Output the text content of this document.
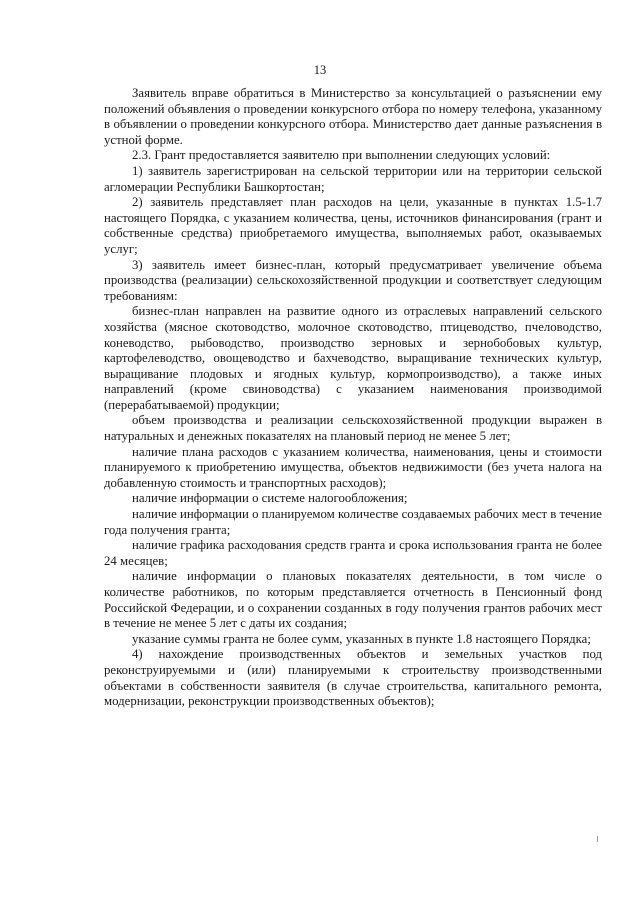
13

Заявитель вправе обратиться в Министерство за консультацией о разъяснении ему положений объявления о проведении конкурсного отбора по номеру телефона, указанному в объявлении о проведении конкурсного отбора. Министерство дает данные разъяснения в устной форме.

2.3. Грант предоставляется заявителю при выполнении следующих условий:

1) заявитель зарегистрирован на сельской территории или на территории сельской агломерации Республики Башкортостан;

2) заявитель представляет план расходов на цели, указанные в пунктах 1.5-1.7 настоящего Порядка, с указанием количества, цены, источников финансирования (грант и собственные средства) приобретаемого имущества, выполняемых работ, оказываемых услуг;

3) заявитель имеет бизнес-план, который предусматривает увеличение объема производства (реализации) сельскохозяйственной продукции и соответствует следующим требованиям:

бизнес-план направлен на развитие одного из отраслевых направлений сельского хозяйства (мясное скотоводство, молочное скотоводство, птицеводство, пчеловодство, коневодство, рыбоводство, производство зерновых и зернобобовых культур, картофелеводство, овощеводство и бахчеводство, выращивание технических культур, выращивание плодовых и ягодных культур, кормопроизводство), а также иных направлений (кроме свиноводства) с указанием наименования производимой (перерабатываемой) продукции;

объем производства и реализации сельскохозяйственной продукции выражен в натуральных и денежных показателях на плановый период не менее 5 лет;

наличие плана расходов с указанием количества, наименования, цены и стоимости планируемого к приобретению имущества, объектов недвижимости (без учета налога на добавленную стоимость и транспортных расходов);

наличие информации о системе налогообложения;

наличие информации о планируемом количестве создаваемых рабочих мест в течение года получения гранта;

наличие графика расходования средств гранта и срока использования гранта не более 24 месяцев;

наличие информации о плановых показателях деятельности, в том числе о количестве работников, по которым представляется отчетность в Пенсионный фонд Российской Федерации, и о сохранении созданных в году получения грантов рабочих мест в течение не менее 5 лет с даты их создания;

указание суммы гранта не более сумм, указанных в пункте 1.8 настоящего Порядка;

4) нахождение производственных объектов и земельных участков под реконструируемыми и (или) планируемыми к строительству производственными объектами в собственности заявителя (в случае строительства, капитального ремонта, модернизации, реконструкции производственных объектов);
